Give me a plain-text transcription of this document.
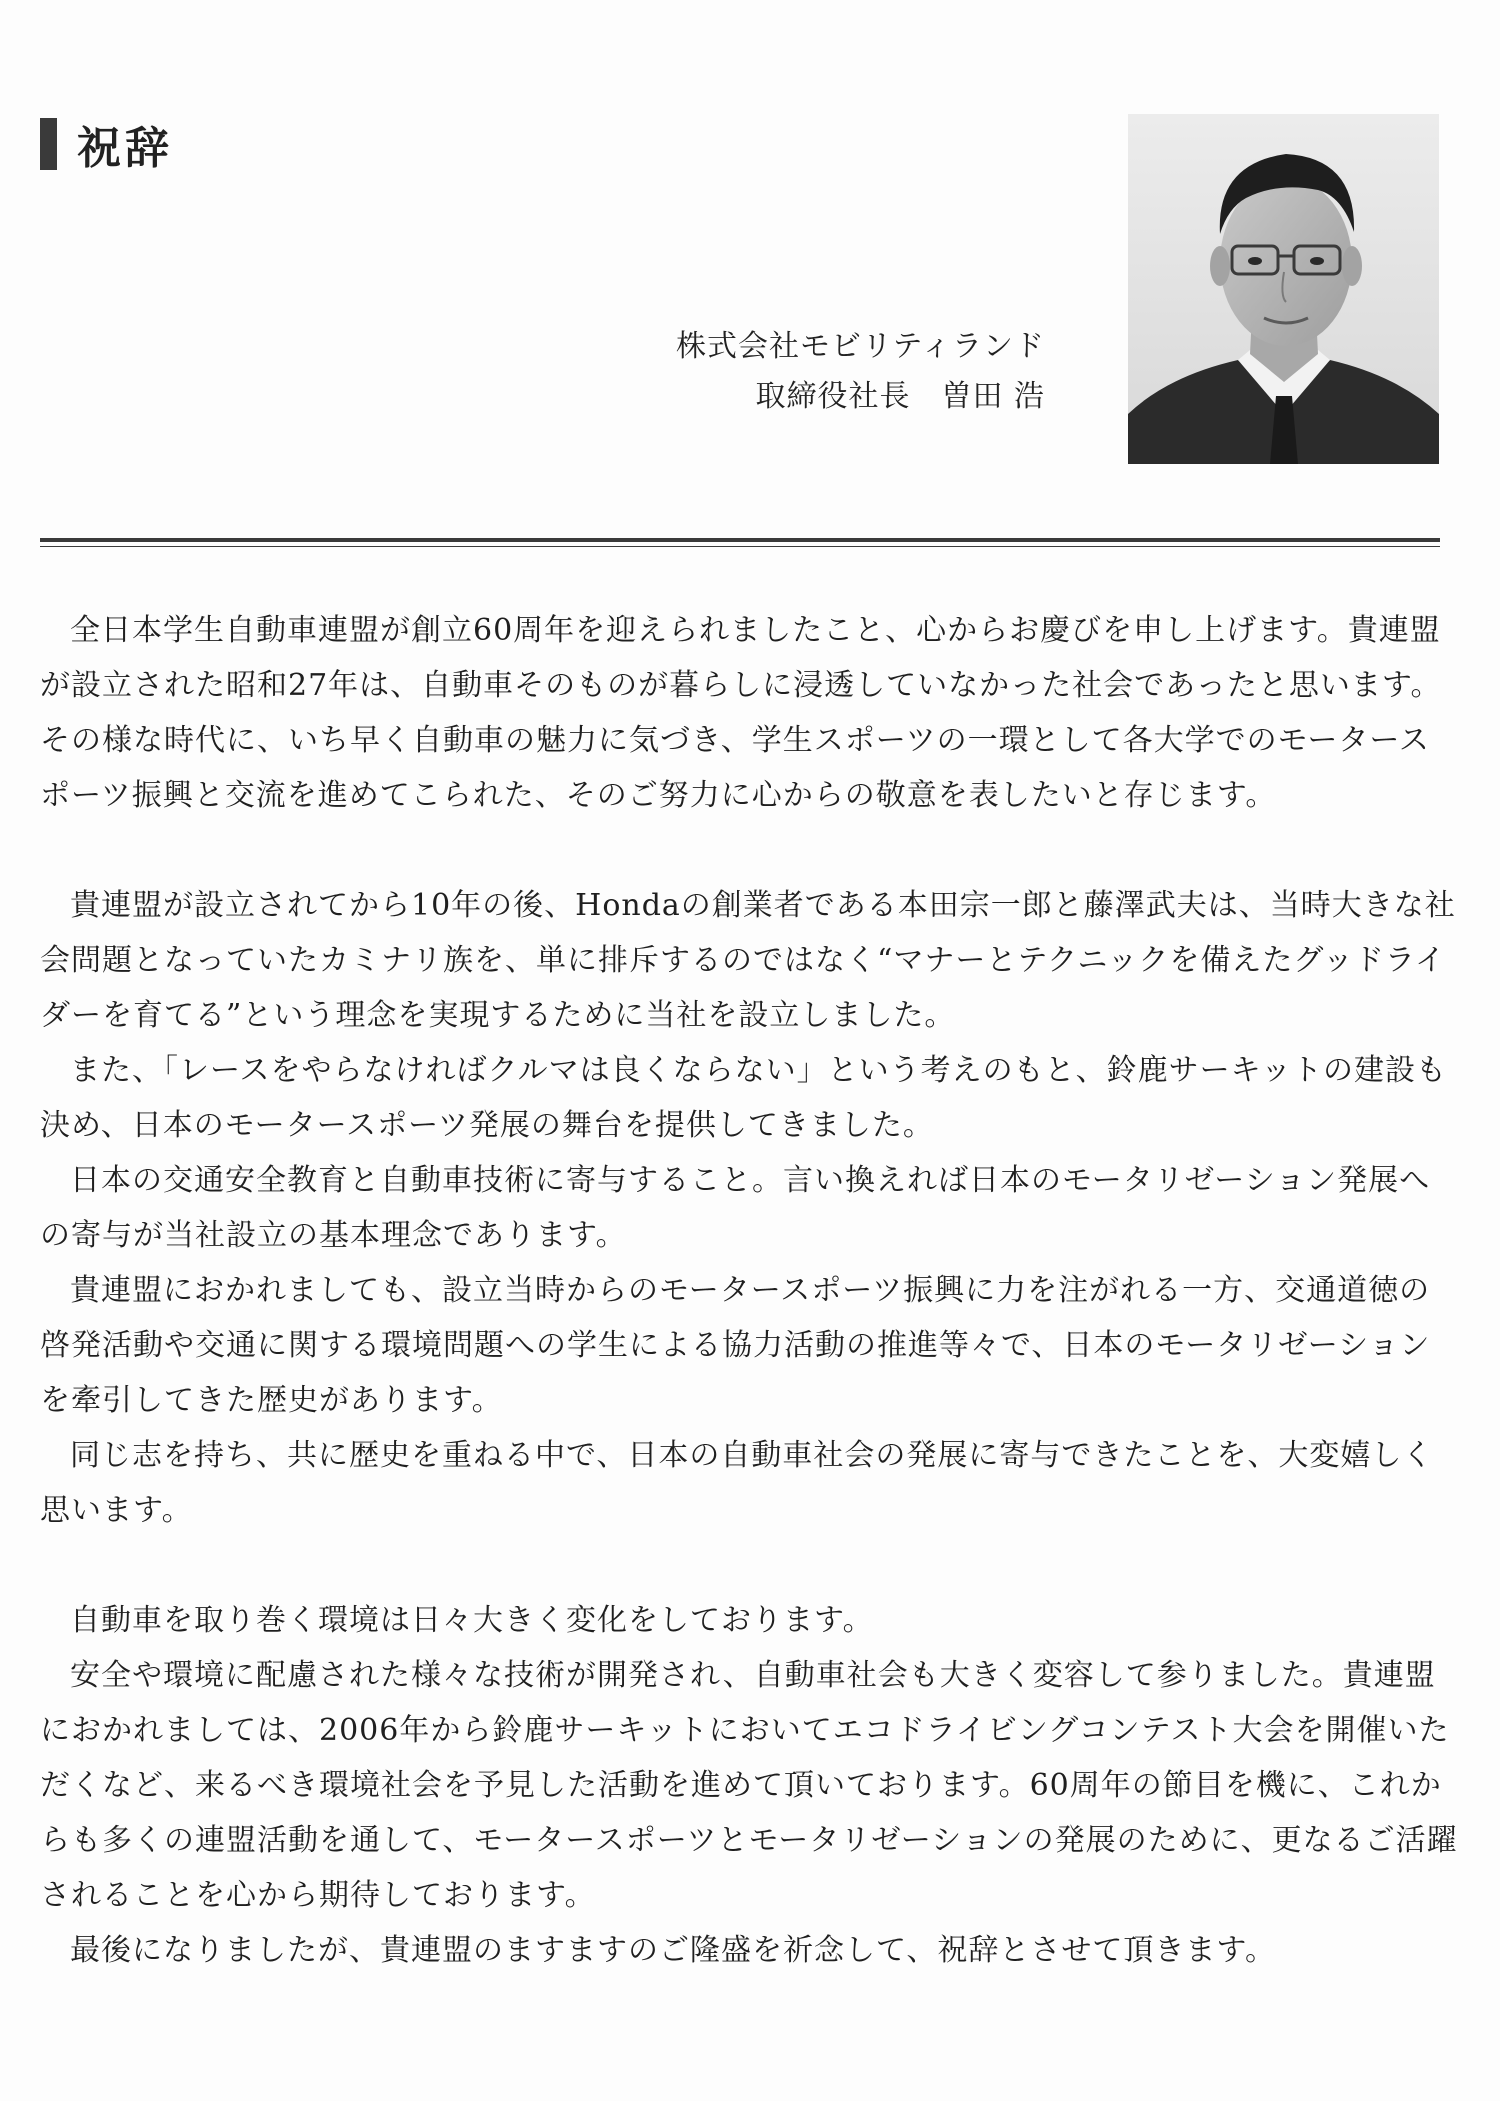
祝辞
株式会社モビリティランド
取締役社長　曽田 浩

全日本学生自動車連盟が創立60周年を迎えられましたこと、心からお慶びを申し上げます。貴連盟が設立された昭和27年は、自動車そのものが暮らしに浸透していなかった社会であったと思います。その様な時代に、いち早く自動車の魅力に気づき、学生スポーツの一環として各大学でのモータースポーツ振興と交流を進めてこられた、そのご努力に心からの敬意を表したいと存じます。

貴連盟が設立されてから10年の後、Hondaの創業者である本田宗一郎と藤澤武夫は、当時大きな社会問題となっていたカミナリ族を、単に排斥するのではなく“マナーとテクニックを備えたグッドライダーを育てる”という理念を実現するために当社を設立しました。

また、「レースをやらなければクルマは良くならない」という考えのもと、鈴鹿サーキットの建設も決め、日本のモータースポーツ発展の舞台を提供してきました。

日本の交通安全教育と自動車技術に寄与すること。言い換えれば日本のモータリゼーション発展への寄与が当社設立の基本理念であります。

貴連盟におかれましても、設立当時からのモータースポーツ振興に力を注がれる一方、交通道徳の啓発活動や交通に関する環境問題への学生による協力活動の推進等々で、日本のモータリゼーションを牽引してきた歴史があります。

同じ志を持ち、共に歴史を重ねる中で、日本の自動車社会の発展に寄与できたことを、大変嬉しく思います。

自動車を取り巻く環境は日々大きく変化をしております。

安全や環境に配慮された様々な技術が開発され、自動車社会も大きく変容して参りました。貴連盟におかれましては、2006年から鈴鹿サーキットにおいてエコドライビングコンテスト大会を開催いただくなど、来るべき環境社会を予見した活動を進めて頂いております。60周年の節目を機に、これからも多くの連盟活動を通して、モータースポーツとモータリゼーションの発展のために、更なるご活躍されることを心から期待しております。

最後になりましたが、貴連盟のますますのご隆盛を祈念して、祝辞とさせて頂きます。
